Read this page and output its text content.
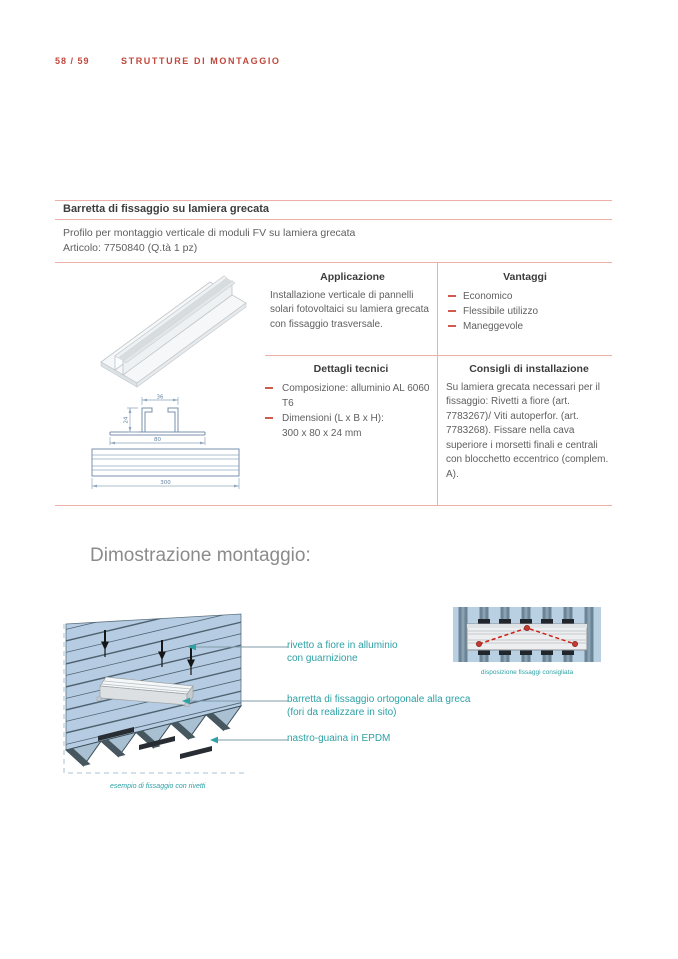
58 / 59	STRUTTURE DI MONTAGGIO
Barretta di fissaggio su lamiera grecata
Profilo per montaggio verticale di moduli FV su lamiera grecata
Articolo: 7750840 (Q.tà 1 pz)
36
24
80
300
Applicazione

Installazione verticale di pannelli solari fotovoltaici su lamiera grecata con fissaggio trasversale.

Vantaggi
Economico
Flessibile utilizzo
Maneggevole
Dettagli tecnici
Composizione: alluminio AL 6060 T6
Dimensioni (L x B x H):
300 x 80 x 24 mm
Consigli di installazione

Su lamiera grecata necessari per il fissaggio: Rivetti a fiore (art. 7783267)/ Viti autoperfor. (art. 7783268). Fissare nella cava superiore i morsetti finali e centrali con blocchetto eccentrico (complem. A).

Dimostrazione montaggio:
rivetto a fiore in alluminio
con guarnizione
barretta di fissaggio ortogonale alla greca
(fori da realizzare in sito)
nastro-guaina in EPDM
esempio di fissaggio con rivetti
disposizione fissaggi consigliata
